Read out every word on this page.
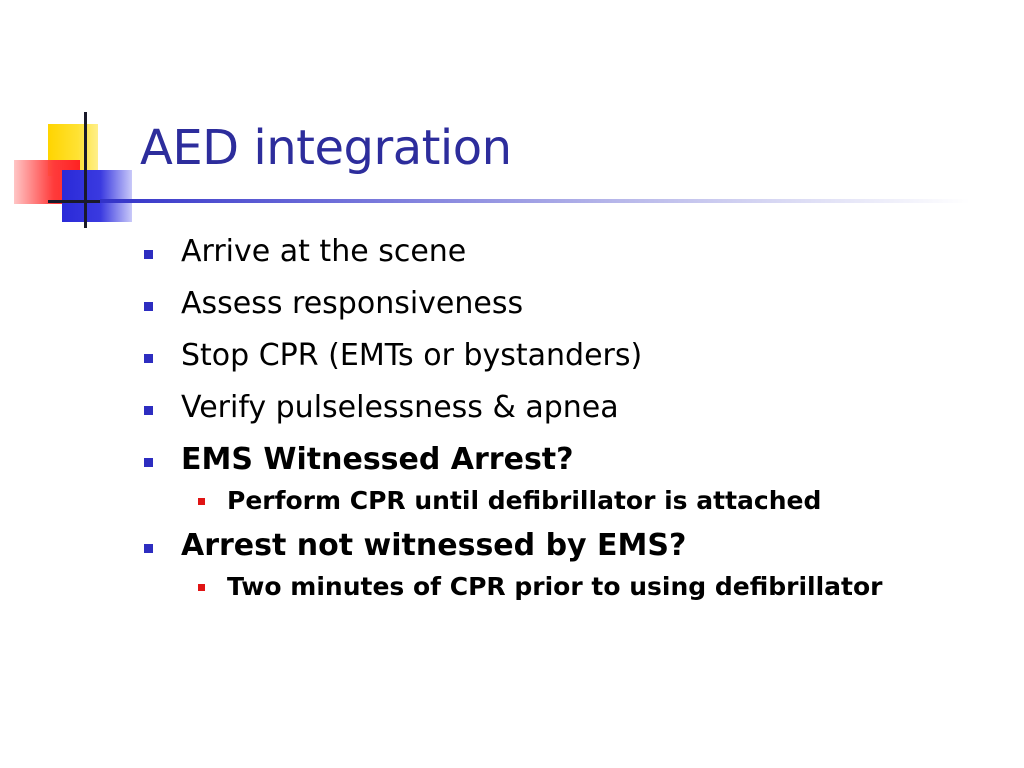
AED integration
Arrive at the scene
Assess responsiveness
Stop CPR (EMTs or bystanders)
Verify pulselessness & apnea
EMS Witnessed Arrest?
Perform CPR until defibrillator is attached
Arrest not witnessed by EMS?
Two minutes of CPR prior to using defibrillator
